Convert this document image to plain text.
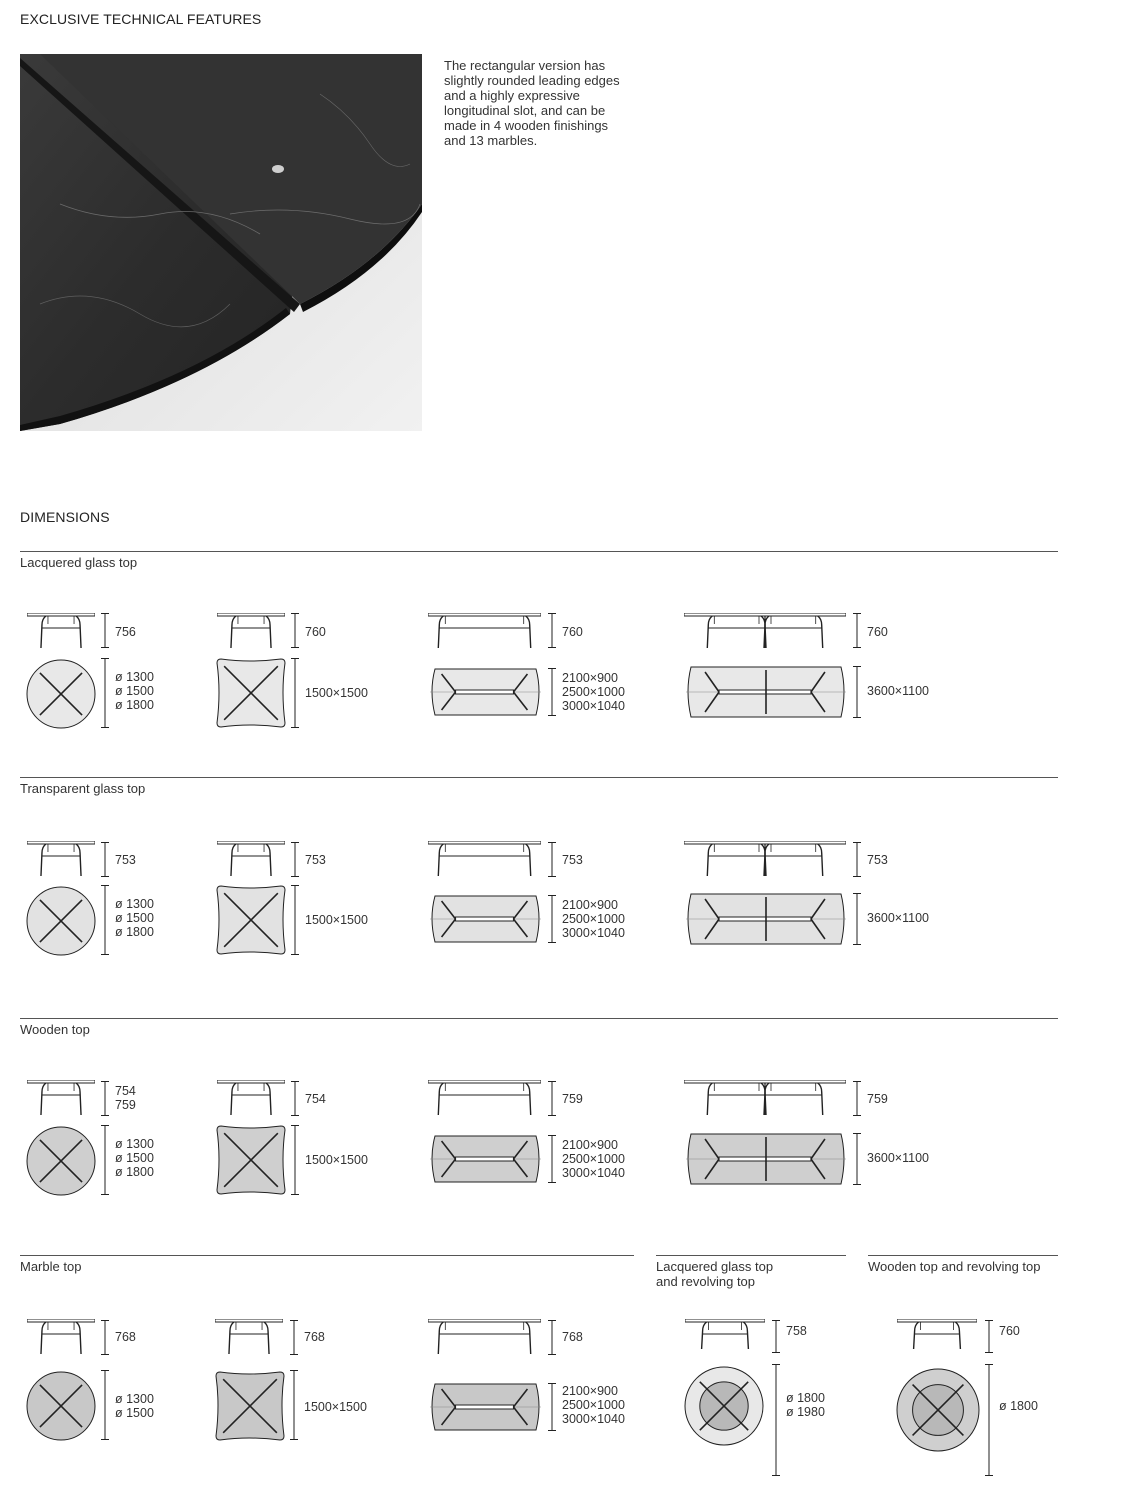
EXCLUSIVE TECHNICAL FEATURES
The rectangular version has slightly rounded leading edges and a highly expressive longitudinal slot, and can be made in 4 wooden finishings and 13 marbles.
DIMENSIONS
Lacquered glass top
Transparent glass top
Wooden top
Marble top	Lacquered glass top
and revolving top
Wooden top and revolving top
756
ø 1300
ø 1500
ø 1800
760
1500×1500
760
2100×900
2500×1000
3000×1040
760
3600×1100
753
ø 1300
ø 1500
ø 1800
753
1500×1500
753
2100×900
2500×1000
3000×1040
753
3600×1100
754
759
ø 1300
ø 1500
ø 1800
754
1500×1500
759
2100×900
2500×1000
3000×1040
759
3600×1100
768
ø 1300
ø 1500
768
1500×1500
768
2100×900
2500×1000
3000×1040
758
ø 1800
ø 1980
760
ø 1800
